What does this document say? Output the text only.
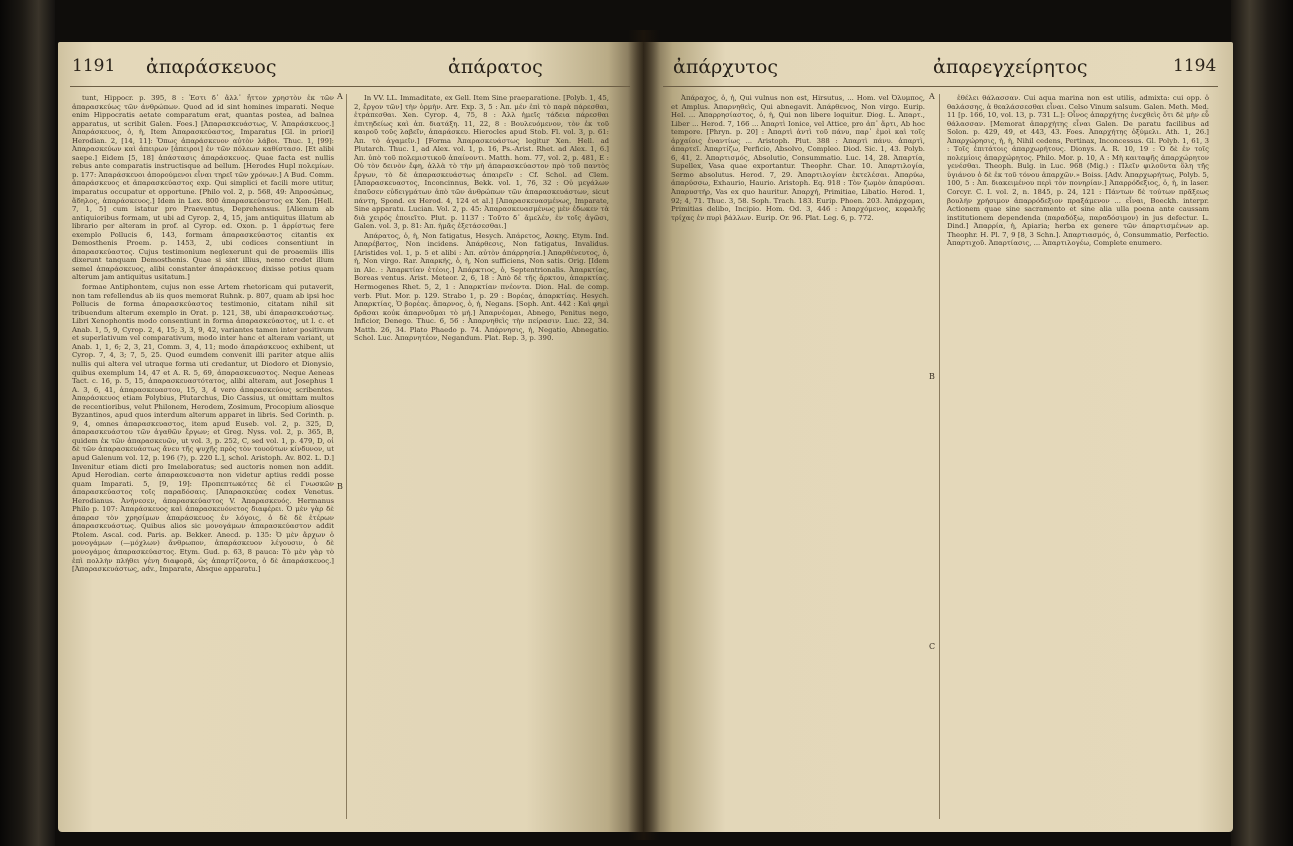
1191 ἀπαράσκευος	ἀπάρατος

tunt, Hippocr. p. 395, 8 : Ἐστι δ᾽ ἄλλ᾽ ἦττον χρηστὸν ἐκ τῶν ἀπαρασκεύως τῶν ἀνθρώπων. Quod ad id sint homines imparati. Neque enim Hippocratis aetate comparatum erat, quantas postea, ad balnea apparatus, ut scribit Galen. Foes.] [Ἀπαρασκευάστως, V. Ἀπαράσκευος.] Ἀπαράσκευος, ὁ, ἡ, Item Ἀπαρασκεύαστος, Imparatus [Gl. in priori] Herodian. 2, [14, 11]: Ὅπως ἀπαράσκευον αὐτὸν λάβοι. Thuc. 1, [99]: Ἀπαρασκεύων καὶ ἀπειρων [ἀπειροι] ἐν τῶν πόλεων καθίστασο. [Et alibi saepe.] Eidem [5, 18] ἀπάστασις ἀπαράσκευος. Quae facta est nullis rebus ante comparatis instructisque ad bellum. [Herodes Hupl πολεμίων. p. 177: Ἀπαράσκευοι ἀπορούμενοι εἶναι τηρεῖ τῶν χρόνων.] A Bud. Comm. ἀπαράσκευος et ἀπαρασκεύαστος exp. Qui simplici et facili more utitur, imparatus occupatur et opportune. [Philo vol. 2, p. 568, 49: Ἀπροσώπως, ἄδηλος, ἀπαράσκευος.] Idem in Lex. 800 ἀπαρασκεύαστος ex Xen. [Hell. 7, 1, 5] cum istatur pro Praeventus, Deprehensus. [Alienum ab antiquioribus formam, ut ubi ad Cyrop. 2, 4, 15, jam antiquitus illatum ab librario per alteram in prof. al Cyrop. ed. Oxon. p. 1 ἀρρίστως fere exemplo Pollucis 6, 143, formam ἀπαρασκεύαστος citantis ex Demosthenis Proem. p. 1453, 2, ubi codices consentiunt in ἀπαρασκεύαστος. Cujus testimonium neglexerunt qui de proaemiis illis dixerunt tanquam Demosthenis. Quae si sint illius, nemo credet illum semel ἀπαράσκευος, alibi constanter ἀπαράσκευος dixisse potius quam alterum jam antiquitus usitatum.]

formae Antiphontem, cujus non esse Artem rhetoricam qui putaverit, non tam refellendus ab iis quos memorat Ruhnk. p. 807, quam ab ipsi hoc Pollucis de forma ἀπαρασκεύαστος testimonio, citatam nihil sit tribuendum alterum exemplo in Orat. p. 121, 38, ubi ἀπαρασκευάστως. Libri Xenophontis modo consentiunt in forma ἀπαρασκεύαστος, ut l. c. et Anab. 1, 5, 9, Cyrop. 2, 4, 15; 3, 3, 9, 42, variantes tamen inter positivum et superlativum vel comparativum, modo inter hanc et alteram variant, ut Anab. 1, 1, 6; 2, 3, 21, Comm. 3, 4, 11; modo ἀπαράσκευος exhibent, ut Cyrop. 7, 4, 3; 7, 5, 25. Quod eumdem convenit illi pariter atque aliis nullis qui altera vel utraque forma uti credantur, ut Diodoro et Dionysio, quibus exemplum 14, 47 et A. R. 5, 69, ἀπαρασκευαστος. Neque Aeneas Tact. c. 16, p. 5, 15, ἀπαρασκευαστότατος, alibi alteram, aut Josephus 1 A. 3, 6, 41, ἀπαρασκευαστου, 15, 3, 4 vero ἀπαρασκεύους scribentes. Ἀπαράσκευος etiam Polybius, Plutarchus, Dio Cassius, ut omittam multos de recentioribus, velut Philonem, Herodem, Zosimum, Procopium aliosque Byzantinos, apud quos interdum alterum apparet in libris. Sed Corinth. p. 9, 4, omnes ἀπαρασκευαστος, item apud Euseb. vol. 2, p. 325, D, ἀπαρασκευάστου τῶν ἀγαθῶν ἔργων; et Greg. Nyss. vol. 2, p. 365, B, quidem ἐκ τῶν ἀπαρασκευῶν, ut vol. 3, p. 252, C, sed vol. 1, p. 479, D, οἱ δὲ τῶν ἀπαρασκευάστως ἄνευ τῆς ψυχῆς πρὸς τὸν τουούτων κίνδυνον, ut apud Galenum vol. 12, p. 196 (?), p. 220 L.], schol. Aristoph. Av. 802. L. D.] Invenitur etiam dicti pro Imelaboratus; sed auctoris nomen non addit. Apud Herodian. certe ἀπαρασκευαστα non videtur aptius reddi posse quam Imparati. 5, [9, 19]: Προπεπτωκότες δὲ εἰ Γνωσκῶν ἀπαρασκεύαστος τοῖς παραδόσαις. [Ἀπαρασκεύας codex Venetus. Herodianus. Ἀνήνεσεν, ἀπαρασκεύαστος V. Ἀπαρασκευός. Hermanus Philo p. 107: Ἀπαράσκευος καὶ ἀπαρασκευόνετος διαφέρει. Ὁ μὲν γὰρ δὲ ἀπαρασ τὸν χρησίμων ἀπαράσκευος ἐν λόγοις, ὁ δὲ δὲ ἐτέρων ἀπαρασκευάστως. Quibus alios sic μονογάμων ἀπαρασκεύαστον addit Ptolem. Ascal. cod. Paris. ap. Bekker. Anecd. p. 135: Ὁ μὲν ἄρχων ὁ μονογάμων (—μόχλων) ἄνθρωπον, ἀπαράσκευον λέγουσιν, ὁ δὲ μονογάμος ἀπαρασκεύαστος. Etym. Gud. p. 63, 8 pauca: Τὸ μὲν γὰρ τὸ ἐπὶ πολλὴν πλήθει γένη διαφορᾶ, ὡς ἀπαρτίζοντα, ὁ δὲ ἀπαράσκευος.] [Ἀπαρασκευάστως, adv., Imparate, Absque apparatu.]

A
B

In VV. LL. Immaditate, ex Gell. Item Sine praeparatione. [Polyb. 1, 45, 2, ἔργον τῶν] τὴν ὁρμὴν. Arr. Exp. 3, 5 : Ἀπ. μέν ἐπὶ τὸ παρὰ πάρεσθαι, ἐτράπεσθαι. Xen. Cyrop. 4, 75, 8 : Ἀλλ ἡμεῖς τάδεια πάρεσθαι ἐπιτηδείως καὶ ἀπ. διατάξη. 11, 22, 8 : Βουλευόμενον, τὸν ἐκ τοῦ καιροῦ τοῦς λαβεῖν, ἀπαράσκευ. Hierocles apud Stob. Fl. vol. 3, p. 61: Ἀπ. τὸ ἀγαμεῖν.] [Forma Ἀπαρασκευάστως legitur Xen. Hell. ad Plutarch. Thuc. 1, ad Alex. vol. 1, p. 16, Ps.-Arist. Rhet. ad Alex. 1, 6.] Ἀπ. ὑπὸ τοῦ πολεμιστικοῦ ἀπαίνοντι. Matth. hom. 77, vol. 2, p. 481, E : Οὐ τὸν δεινὸν ἔφη, ἀλλὰ τὸ τὴν μὴ ἀπαρασκεύαστον πρὸ τοῦ παντὸς ἔργων, τὸ δὲ ἀπαρασκευάστως ἀπαιρεῖν : Cf. Schol. ad Clem. [Ἀπαρασκευαστος, Inconcinnus, Bekk. vol. 1, 76, 32 : Οὐ μεγάλων ἐπαῦσεν εὐδειγμάτων ἀπὸ τῶν ἀνθρώπων τῶν ἀπαρασκευάστων, sicut πάντη, Spond. ex Herod. 4, 124 et al.] [Ἀπαρασκευασμένως, Imparate, Sine apparatu. Lucian. Vol. 2, p. 45: Ἀπαρασκευασμένως μὲν ἐδωκεν τὰ διὰ χειρός ἐποιεῖτο. Plut. p. 1137 : Τοῦτο δ᾽ ἄμελέν, ἐν τοῖς ἀγῶσι, Galen. vol. 3, p. 81: Ἀπ. ἡμᾶς ἐξετάσεσθαι.]

Ἀπάρατος, ὁ, ἡ, Non fatigatus, Hesych. Ἀπάρετος, Ἀσκης. Etym. Ind. Ἀπαρέβατος, Non incidens. Ἀπάρθεσις, Non fatigatus, Invalidus. [Aristides vol. 1, p. 5 et alibi : Ἀπ. αὐτὸν ἀπάρρησία.] Ἀπαρθένευτος, ὁ, ἡ, Non virgo. Rar. Ἀπαρκής, ὁ, ἡ, Non sufficiens, Non satis. Orig. [Idem in Alc. : Ἀπαρκτίαν ἐτέοις.] Ἀπάρκτιος, ὁ, Septentrionalis. Ἀπαρκτίας, Boreas ventus. Arist. Meteor. 2, 6, 18 : Ἀπὸ δὲ τῆς ἄρκτου, ἀπαρκτίας. Hermogenes Rhet. 5, 2, 1 : Ἀπαρκτίαν πνέοντα. Dion. Hal. de comp. verb. Plut. Mor. p. 129. Strabo 1, p. 29 : Βορέας, ἀπαρκτίας. Hesych. Ἀπαρκτίας, Ὁ βορέας. ἄπαρνος, ὁ, ἡ, Negans. [Soph. Ant. 442 : Καὶ φημὶ δρᾶσαι κοὐκ ἀπαρνοῦμαι τὸ μή.] Ἀπαρνέομαι, Abnego, Penitus nego, Inficior, Denego. Thuc. 6, 56 : Ἀπαρνηθεὶς τὴν πείρασιν. Luc. 22, 34. Matth. 26, 34. Plato Phaedo p. 74. Ἀπάρνησις, ἡ, Negatio, Abnegatio. Schol. Luc. Ἀπαρνητέον, Negandum. Plat. Rep. 3, p. 390.

ἀπάρχυτος	ἀπαρεγχείρητος	1194

Ἀπάραχος, ὁ, ἡ, Qui vulnus non est, Hirsutus, ... Hom. vel Ὀλυμπος, et Amplus. Ἀπαρνηθεὶς, Qui abnegavit. Ἀπάρθενος, Non virgo. Eurip. Hel. ... Ἀπαρρησίαστος, ὁ, ἡ, Qui non libere loquitur. Diog. L. Ἀπαρτ., Liber ... Herod. 7, 166 ... Ἀπαρτὶ Ionice, vel Attice, pro ἀπ᾽ ἄρτι, Ab hoc tempore. [Phryn. p. 20] : Ἀπαρτὶ ἀντὶ τοῦ πάνυ, παρ᾽ ἐμοὶ καὶ τοῖς ἀρχαίοις ἐναντίως ... Aristoph. Plut. 388 : Ἀπαρτὶ πάνυ. ἀπαρτὶ, ἀπαρτεῖ. Ἀπαρτίζω, Perficio, Absolvo, Compleo. Diod. Sic. 1, 43. Polyb. 6, 41, 2. Ἀπαρτισμός, Absolutio, Consummatio. Luc. 14, 28. Ἀπαρτία, Supellex, Vasa quae exportantur. Theophr. Char. 10. Ἀπαρτιλογία, Sermo absolutus. Herod. 7, 29. Ἀπαρτιλογίαν ἐκτελέσαι. Ἀπαρύω, ἀπαρύσσω, Exhaurio, Haurio. Aristoph. Eq. 918 : Τὸν ζωμὸν ἀπαρύσαι. Ἀπαρυστήρ, Vas ex quo hauritur. Ἀπαρχή, Primitiae, Libatio. Herod. 1, 92; 4, 71. Thuc. 3, 58. Soph. Trach. 183. Eurip. Phoen. 203. Ἀπάρχομαι, Primitias delibo, Incipio. Hom. Od. 3, 446 : Ἀπαρχόμενος, κεφαλῆς τρίχας ἐν πυρὶ βάλλων. Eurip. Or. 96. Plat. Leg. 6, p. 772.

A
B
C

ἐθέλει θάλασσαν. Cui aqua marina non est utilis, admixta: cui opp. ὁ θαλάσσης, ἁ θεαλάσσεσθαι εἶναι. Celso Vinum salsum. Galen. Meth. Med. 11 [p. 166, 10, vol. 13, p. 731 L.]: Οἶνος ἀπαρχήτης ἐνεχθεὶς ὅτι δὲ μὴν εὖ θάλασσαν. [Memorat ἀπαρχήτης εἶναι Galen. De paratu facilibus ad Solon. p. 429, 49, et 443, 43. Foes. Ἀπαρχήτης ὀξύμελι. Ath. 1, 26.] Ἀπαρχώρησις, ἡ, ἡ, Nihil cedens, Pertinax, Inconcessus. Gl. Polyb. 1, 61, 3 : Τοῖς ἐπιτάτοις ἀπαρχωρήτους. Dionys. A. R. 10, 19 : Ὁ δὲ ἐν τοῖς πολεμίοις ἀπαρχώρητος. Philo. Mor. p. 10, A : Μὴ καιταφῆς ἀπαρχώρητον γενέσθαι. Theoph. Bulg. in Luc. 968 (Mig.) : Πλεῖν φιλοῦντα ὅλη τῆς ὑγιάνου ὁ δὲ ἐκ τοῦ τόνου ἀπαρχῶν.» Boiss. [Adv. Ἀπαρχωρήτως, Polyb. 5, 100, 5 : Ἀπ. διακειμένου περὶ τὸν πονηρίαν.] Ἀπαρρόδεξιος, ὁ, ἡ, in laser. Corcyr. C. I. vol. 2, n. 1845, p. 24, 121 : Πάντων δὲ τούτων πρᾶξεως βουλήν χρήσιμον ἀπαρρόδεξιον πραξάμενον ... εἶναι, Boeckh. interpr. Actionem quae sine sacramento et sine alia ulla poena ante caussam institutionem dependenda (παραδόξω, παραδόσιμον) in jus defectur. L. Dind.] Ἀπαρρία, ἡ, Apiaria; herba ex genere τῶν ἀπαρτισμένων ap. Theophr. H. Pl. 7, 9 [8, 3 Schn.]. Ἀπαρτιασμός, ὁ, Consummatio, Perfectio. Ἀπαρτιχοῦ. Ἀπαρτίασις, ... Ἀπαρτιλογέω, Complete enumero.
